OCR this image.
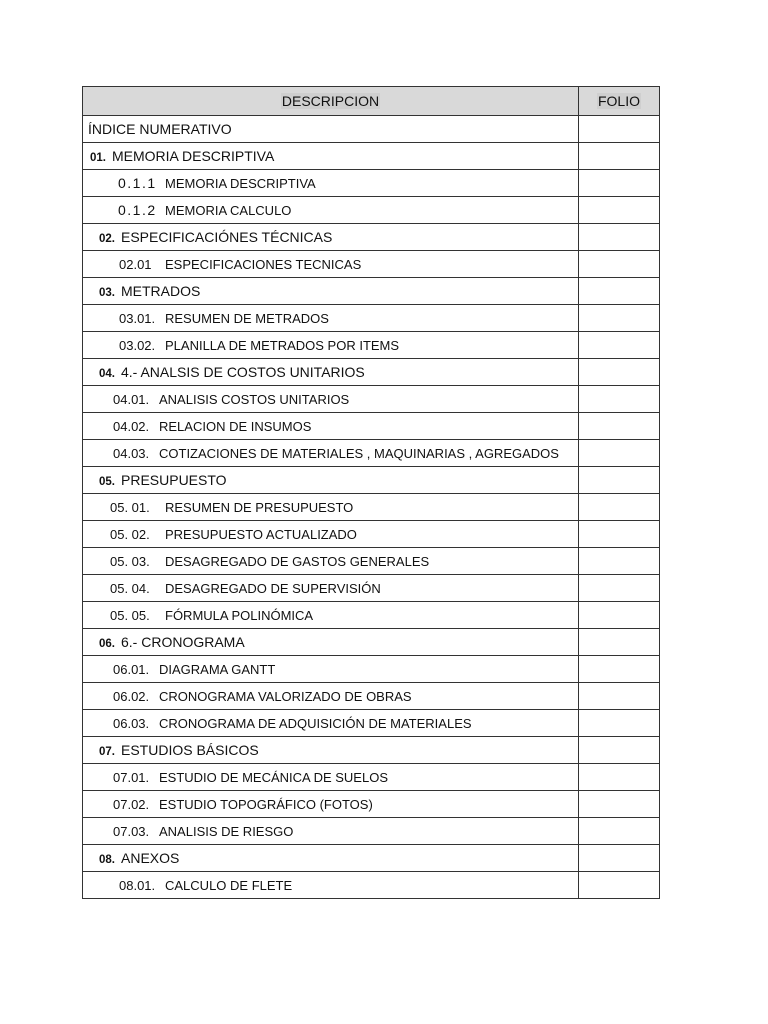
DESCRIPCION	FOLIO
ÍNDICE NUMERATIVO	
01. MEMORIA DESCRIPTIVA	
0.1.1 MEMORIA DESCRIPTIVA	
0.1.2 MEMORIA CALCULO	
02. ESPECIFICACIÓNES TÉCNICAS	
02.01 ESPECIFICACIONES TECNICAS	
03. METRADOS	
03.01. RESUMEN DE METRADOS	
03.02. PLANILLA DE METRADOS POR ITEMS	
04. 4.- ANALSIS DE COSTOS UNITARIOS	
04.01. ANALISIS COSTOS UNITARIOS	
04.02. RELACION DE INSUMOS	
04.03. COTIZACIONES DE MATERIALES , MAQUINARIAS , AGREGADOS	
05. PRESUPUESTO	
05. 01. RESUMEN DE PRESUPUESTO	
05. 02. PRESUPUESTO ACTUALIZADO	
05. 03. DESAGREGADO DE GASTOS GENERALES	
05. 04. DESAGREGADO DE SUPERVISIÓN	
05. 05. FÓRMULA POLINÓMICA	
06. 6.- CRONOGRAMA	
06.01. DIAGRAMA GANTT	
06.02. CRONOGRAMA VALORIZADO DE OBRAS	
06.03. CRONOGRAMA DE ADQUISICIÓN DE MATERIALES	
07. ESTUDIOS BÁSICOS	
07.01. ESTUDIO DE MECÁNICA DE SUELOS	
07.02. ESTUDIO TOPOGRÁFICO (FOTOS)	
07.03. ANALISIS DE RIESGO	
08. ANEXOS	
08.01. CALCULO DE FLETE	
